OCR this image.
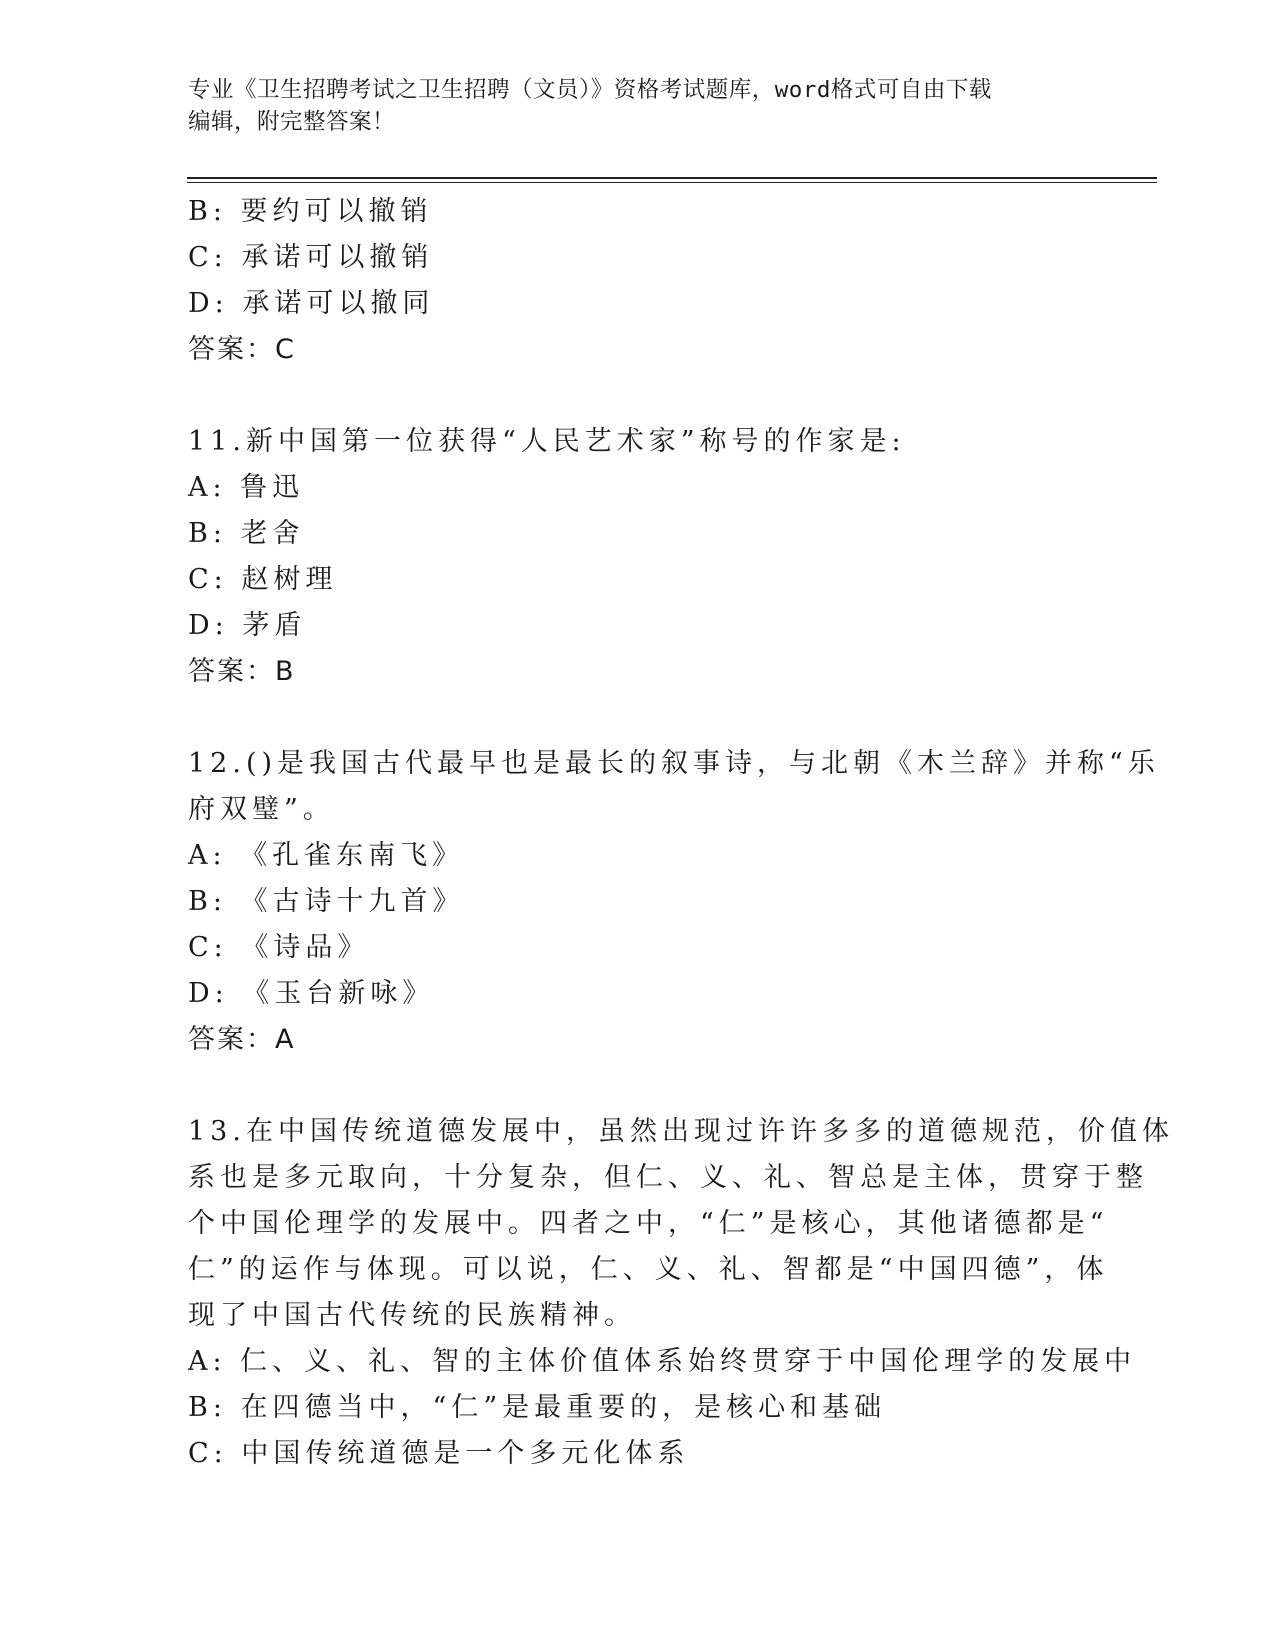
专业《卫生招聘考试之卫生招聘（文员）》资格考试题库，word格式可自由下载
编辑，附完整答案！
B: 要约可以撤销
C: 承诺可以撤销
D: 承诺可以撤同
答案：C
11.新中国第一位获得“人民艺术家”称号的作家是:
A: 鲁迅
B: 老舍
C: 赵树理
D: 茅盾
答案：B
12.()是我国古代最早也是最长的叙事诗，与北朝《木兰辞》并称“乐
府双璧”。
A: 《孔雀东南飞》
B: 《古诗十九首》
C: 《诗品》
D: 《玉台新咏》
答案：A
13.在中国传统道德发展中，虽然出现过许许多多的道德规范，价值体
系也是多元取向，十分复杂，但仁、义、礼、智总是主体，贯穿于整
个中国伦理学的发展中。四者之中，“仁”是核心，其他诸德都是“
仁”的运作与体现。可以说，仁、义、礼、智都是“中国四德”，体
现了中国古代传统的民族精神。
A: 仁、义、礼、智的主体价值体系始终贯穿于中国伦理学的发展中
B: 在四德当中，“仁”是最重要的，是核心和基础
C: 中国传统道德是一个多元化体系
